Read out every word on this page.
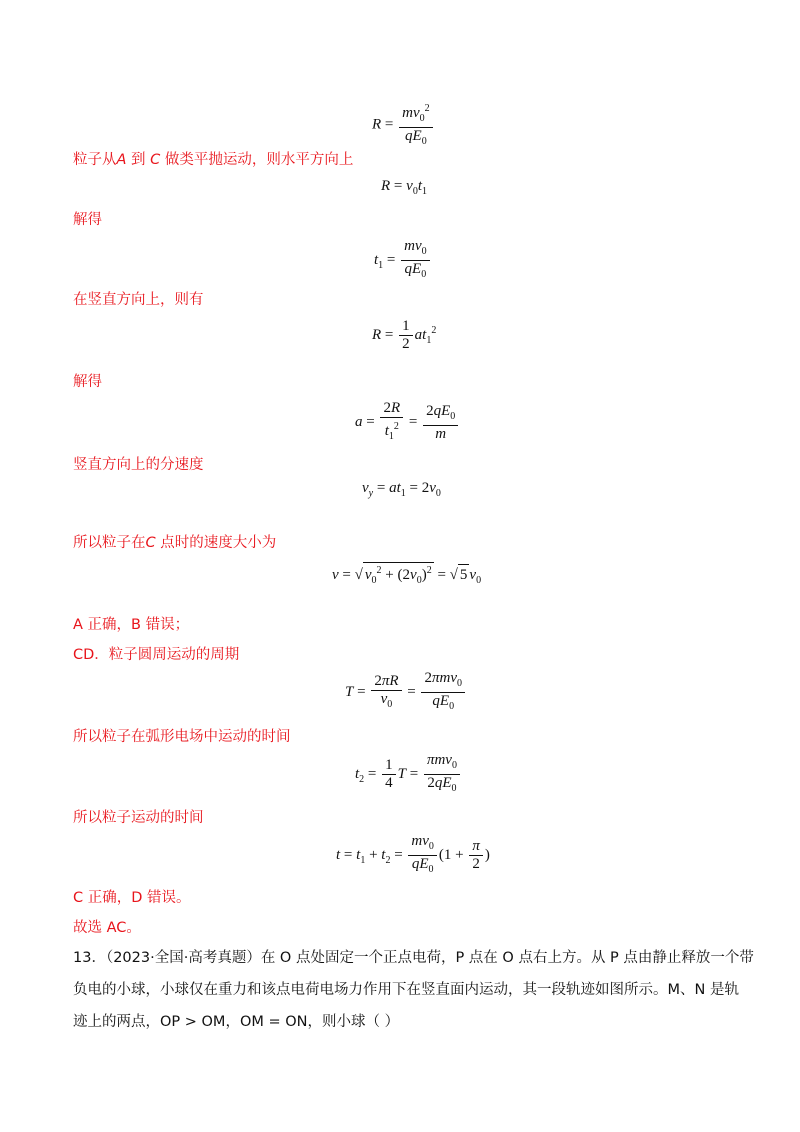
$R = \frac{mv_0^2}{qE_0}$

粒子从A 到 C 做类平抛运动，则水平方向上

$R = v_0t_1$

解得

$t_1 = \frac{mv_0}{qE_0}$

在竖直方向上，则有

$R = \frac{1}{2} at_1^2$

解得

$a = \frac{2R}{t_1^2} = \frac{2qE_0}{m}$

竖直方向上的分速度

$v_y = at_1 = 2v_0$

所以粒子在C 点时的速度大小为

v = √ $v_0^2 + (2v_0)^2$ = √ 5 $v_0$

A 正确，B 错误；

CD．粒子圆周运动的周期

$T = \frac{2\pi R}{v_0} = \frac{2\pi mv_0}{qE_0}$

所以粒子在弧形电场中运动的时间

$t_2 = \frac{1}{4}$ $T = \frac{\pi mv_0}{2qE_0}$

所以粒子运动的时间

$t = t_1 + t_2 = \frac{mv_0}{qE_0} (1 + \frac{\pi}{2}$ )

C 正确，D 错误。

故选 AC。

13．（2023·全国·高考真题）在 O 点处固定一个正点电荷，P 点在 O 点右上方。从 P 点由静止释放一个带

负电的小球，小球仅在重力和该点电荷电场力作用下在竖直面内运动，其一段轨迹如图所示。M、N 是轨

迹上的两点，OP > OM，OM = ON，则小球（ ）
